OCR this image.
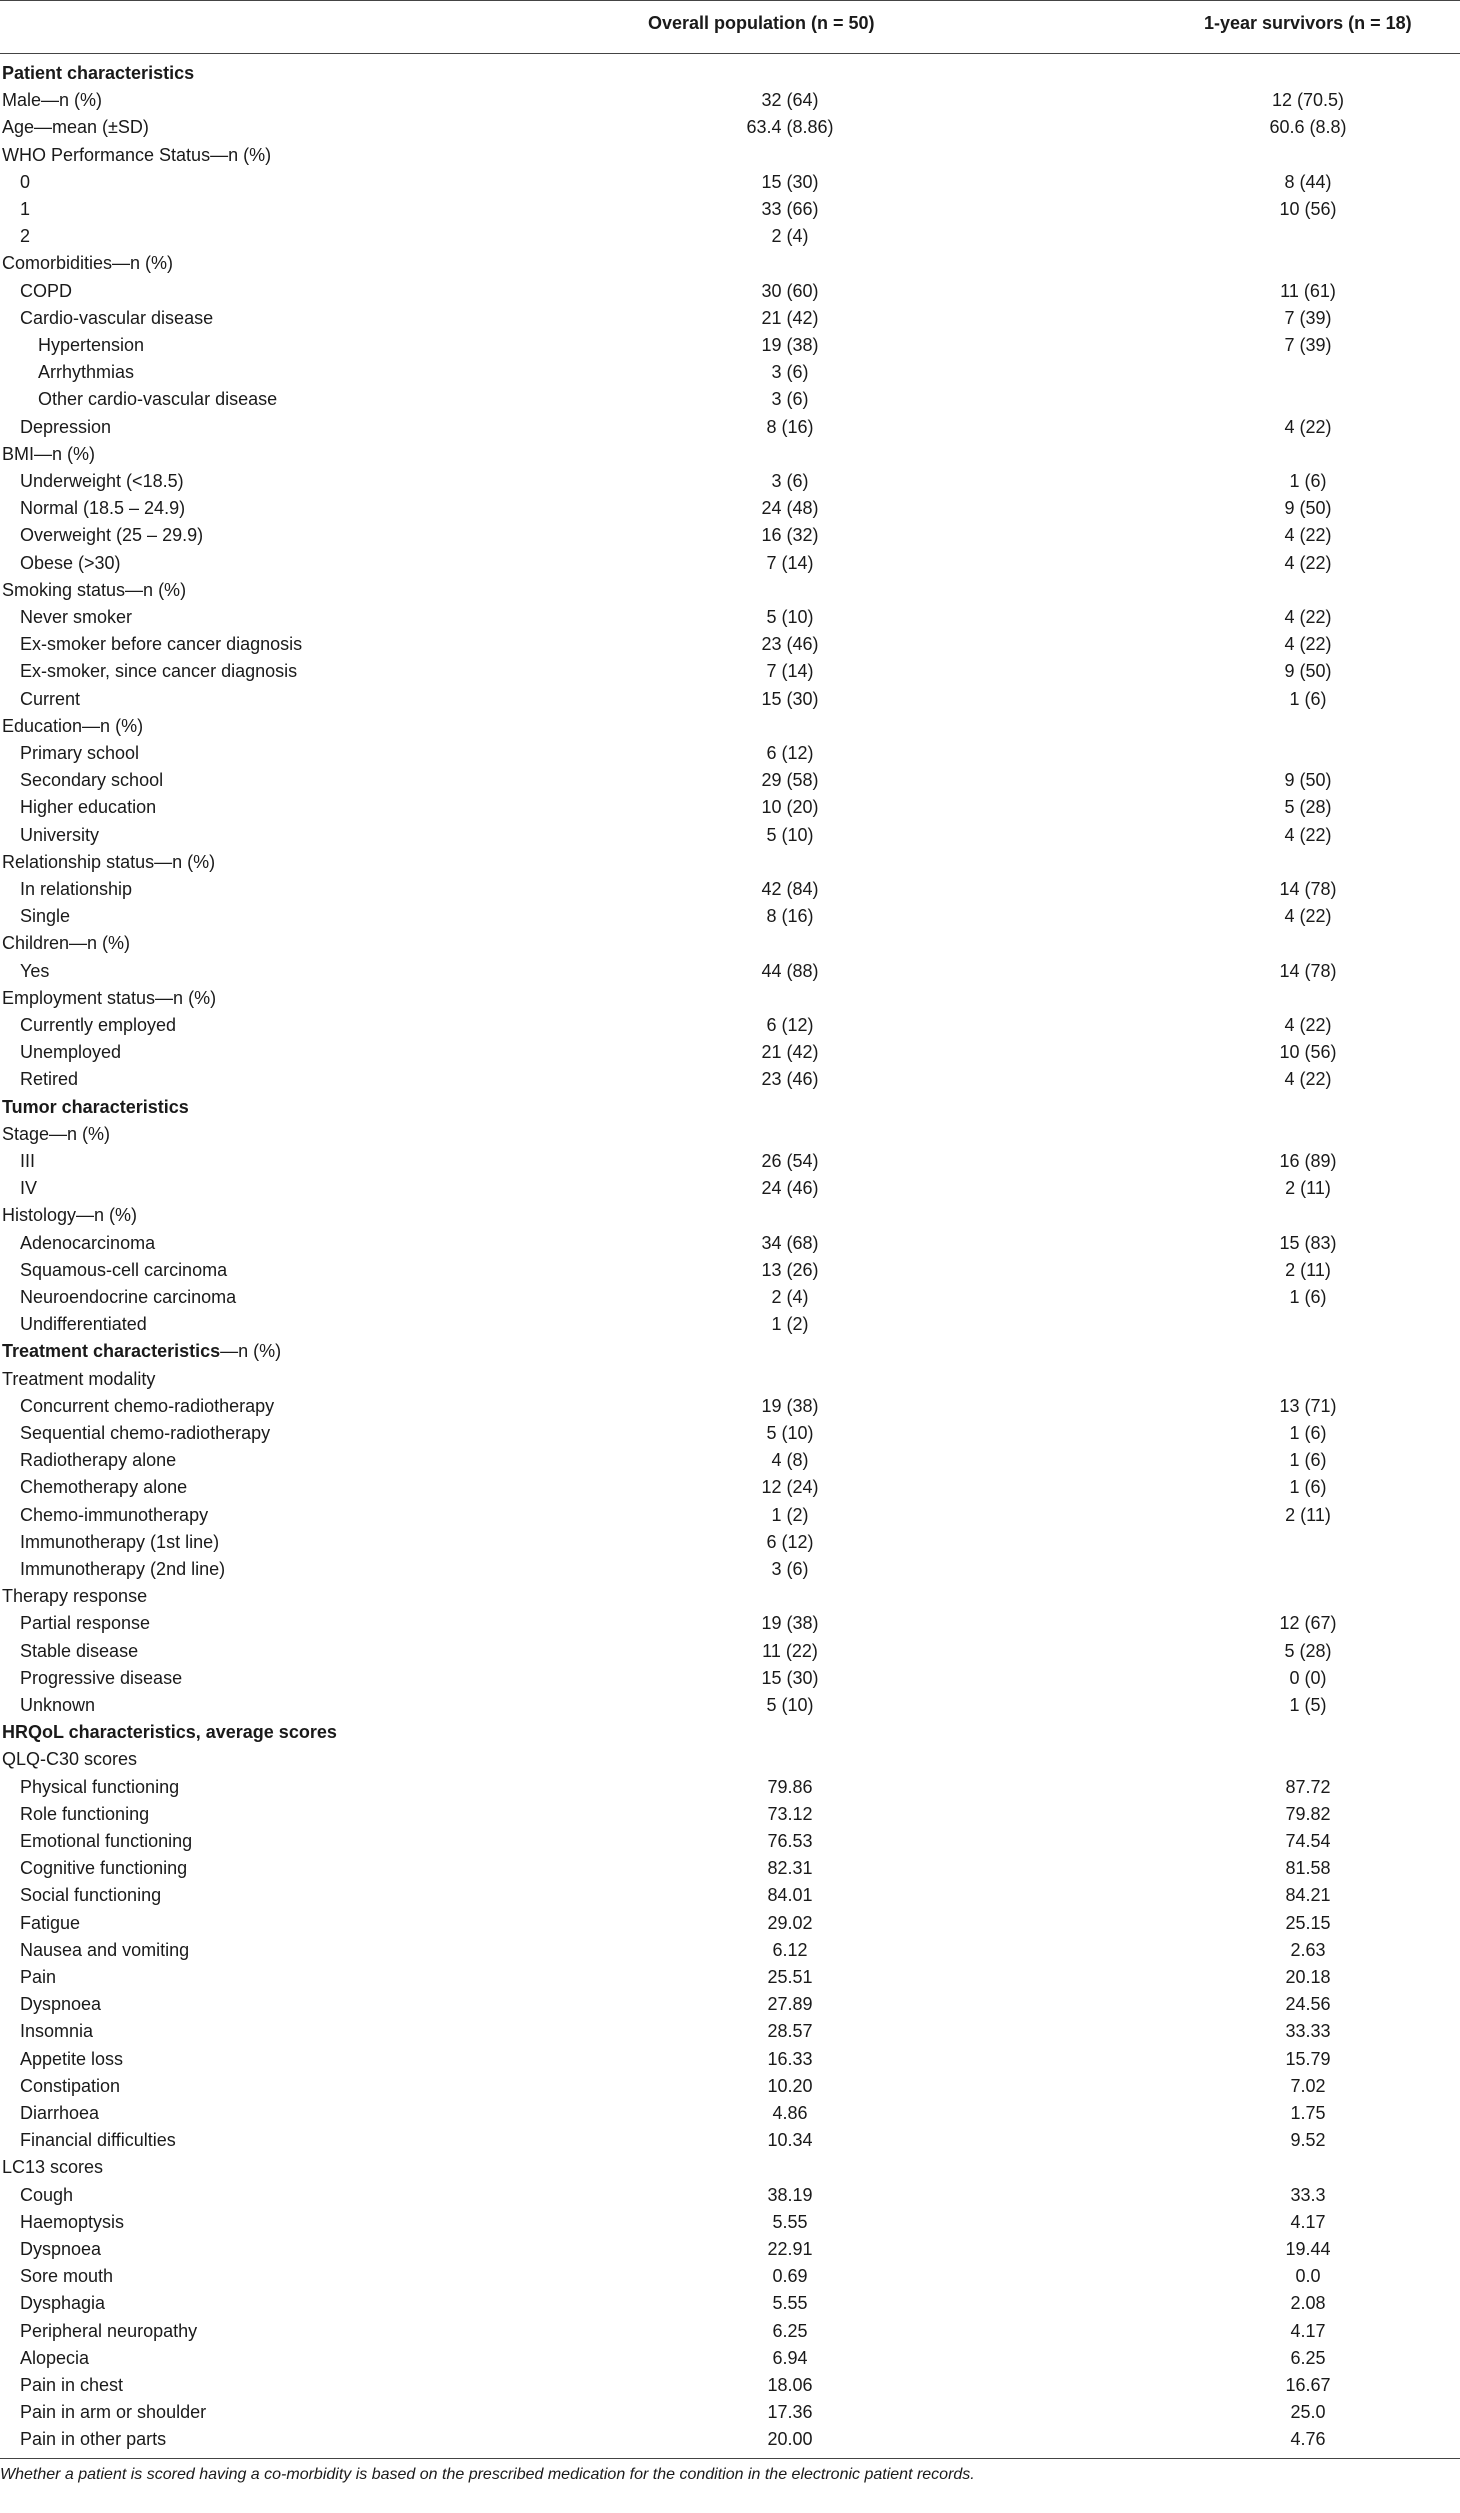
Overall population (n = 50)	1-year survivors (n = 18)
Patient characteristics
Male—n (%)	32 (64)	12 (70.5)
Age—mean (±SD)	63.4 (8.86)	60.6 (8.8)
WHO Performance Status—n (%)
0	15 (30)	8 (44)
1	33 (66)	10 (56)
2	2 (4)
Comorbidities—n (%)
COPD	30 (60)	11 (61)
Cardio-vascular disease	21 (42)	7 (39)
Hypertension	19 (38)	7 (39)
Arrhythmias	3 (6)
Other cardio-vascular disease	3 (6)
Depression	8 (16)	4 (22)
BMI—n (%)
Underweight (<18.5)	3 (6)	1 (6)
Normal (18.5 – 24.9)	24 (48)	9 (50)
Overweight (25 – 29.9)	16 (32)	4 (22)
Obese (>30)	7 (14)	4 (22)
Smoking status—n (%)
Never smoker	5 (10)	4 (22)
Ex-smoker before cancer diagnosis	23 (46)	4 (22)
Ex-smoker, since cancer diagnosis	7 (14)	9 (50)
Current	15 (30)	1 (6)
Education—n (%)
Primary school	6 (12)
Secondary school	29 (58)	9 (50)
Higher education	10 (20)	5 (28)
University	5 (10)	4 (22)
Relationship status—n (%)
In relationship	42 (84)	14 (78)
Single	8 (16)	4 (22)
Children—n (%)
Yes	44 (88)	14 (78)
Employment status—n (%)
Currently employed	6 (12)	4 (22)
Unemployed	21 (42)	10 (56)
Retired	23 (46)	4 (22)
Tumor characteristics
Stage—n (%)
III	26 (54)	16 (89)
IV	24 (46)	2 (11)
Histology—n (%)
Adenocarcinoma	34 (68)	15 (83)
Squamous-cell carcinoma	13 (26)	2 (11)
Neuroendocrine carcinoma	2 (4)	1 (6)
Undifferentiated	1 (2)
Treatment characteristics—n (%)
Treatment modality
Concurrent chemo-radiotherapy	19 (38)	13 (71)
Sequential chemo-radiotherapy	5 (10)	1 (6)
Radiotherapy alone	4 (8)	1 (6)
Chemotherapy alone	12 (24)	1 (6)
Chemo-immunotherapy	1 (2)	2 (11)
Immunotherapy (1st line)	6 (12)
Immunotherapy (2nd line)	3 (6)
Therapy response
Partial response	19 (38)	12 (67)
Stable disease	11 (22)	5 (28)
Progressive disease	15 (30)	0 (0)
Unknown	5 (10)	1 (5)
HRQoL characteristics, average scores
QLQ-C30 scores
Physical functioning	79.86	87.72
Role functioning	73.12	79.82
Emotional functioning	76.53	74.54
Cognitive functioning	82.31	81.58
Social functioning	84.01	84.21
Fatigue	29.02	25.15
Nausea and vomiting	6.12	2.63
Pain	25.51	20.18
Dyspnoea	27.89	24.56
Insomnia	28.57	33.33
Appetite loss	16.33	15.79
Constipation	10.20	7.02
Diarrhoea	4.86	1.75
Financial difficulties	10.34	9.52
LC13 scores
Cough	38.19	33.3
Haemoptysis	5.55	4.17
Dyspnoea	22.91	19.44
Sore mouth	0.69	0.0
Dysphagia	5.55	2.08
Peripheral neuropathy	6.25	4.17
Alopecia	6.94	6.25
Pain in chest	18.06	16.67
Pain in arm or shoulder	17.36	25.0
Pain in other parts	20.00	4.76
Whether a patient is scored having a co-morbidity is based on the prescribed medication for the condition in the electronic patient records.
